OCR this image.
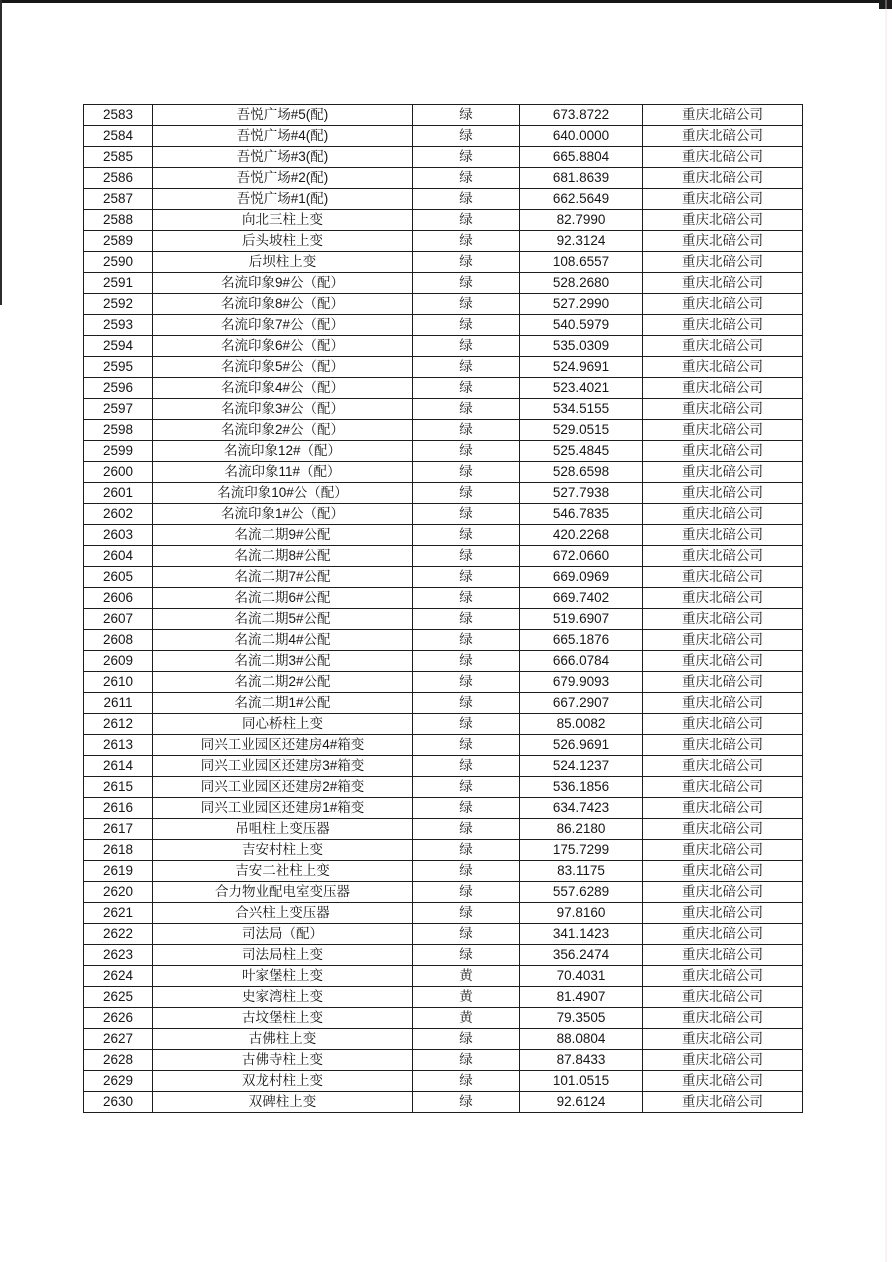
2583	吾悦广场#5(配)	绿	673.8722	重庆北碚公司
2584	吾悦广场#4(配)	绿	640.0000	重庆北碚公司
2585	吾悦广场#3(配)	绿	665.8804	重庆北碚公司
2586	吾悦广场#2(配)	绿	681.8639	重庆北碚公司
2587	吾悦广场#1(配)	绿	662.5649	重庆北碚公司
2588	向北三柱上变	绿	82.7990	重庆北碚公司
2589	后头坡柱上变	绿	92.3124	重庆北碚公司
2590	后坝柱上变	绿	108.6557	重庆北碚公司
2591	名流印象9#公（配）	绿	528.2680	重庆北碚公司
2592	名流印象8#公（配）	绿	527.2990	重庆北碚公司
2593	名流印象7#公（配）	绿	540.5979	重庆北碚公司
2594	名流印象6#公（配）	绿	535.0309	重庆北碚公司
2595	名流印象5#公（配）	绿	524.9691	重庆北碚公司
2596	名流印象4#公（配）	绿	523.4021	重庆北碚公司
2597	名流印象3#公（配）	绿	534.5155	重庆北碚公司
2598	名流印象2#公（配）	绿	529.0515	重庆北碚公司
2599	名流印象12#（配）	绿	525.4845	重庆北碚公司
2600	名流印象11#（配）	绿	528.6598	重庆北碚公司
2601	名流印象10#公（配）	绿	527.7938	重庆北碚公司
2602	名流印象1#公（配）	绿	546.7835	重庆北碚公司
2603	名流二期9#公配	绿	420.2268	重庆北碚公司
2604	名流二期8#公配	绿	672.0660	重庆北碚公司
2605	名流二期7#公配	绿	669.0969	重庆北碚公司
2606	名流二期6#公配	绿	669.7402	重庆北碚公司
2607	名流二期5#公配	绿	519.6907	重庆北碚公司
2608	名流二期4#公配	绿	665.1876	重庆北碚公司
2609	名流二期3#公配	绿	666.0784	重庆北碚公司
2610	名流二期2#公配	绿	679.9093	重庆北碚公司
2611	名流二期1#公配	绿	667.2907	重庆北碚公司
2612	同心桥柱上变	绿	85.0082	重庆北碚公司
2613	同兴工业园区还建房4#箱变	绿	526.9691	重庆北碚公司
2614	同兴工业园区还建房3#箱变	绿	524.1237	重庆北碚公司
2615	同兴工业园区还建房2#箱变	绿	536.1856	重庆北碚公司
2616	同兴工业园区还建房1#箱变	绿	634.7423	重庆北碚公司
2617	吊咀柱上变压器	绿	86.2180	重庆北碚公司
2618	吉安村柱上变	绿	175.7299	重庆北碚公司
2619	吉安二社柱上变	绿	83.1175	重庆北碚公司
2620	合力物业配电室变压器	绿	557.6289	重庆北碚公司
2621	合兴柱上变压器	绿	97.8160	重庆北碚公司
2622	司法局（配）	绿	341.1423	重庆北碚公司
2623	司法局柱上变	绿	356.2474	重庆北碚公司
2624	叶家堡柱上变	黄	70.4031	重庆北碚公司
2625	史家湾柱上变	黄	81.4907	重庆北碚公司
2626	古坟堡柱上变	黄	79.3505	重庆北碚公司
2627	古佛柱上变	绿	88.0804	重庆北碚公司
2628	古佛寺柱上变	绿	87.8433	重庆北碚公司
2629	双龙村柱上变	绿	101.0515	重庆北碚公司
2630	双碑柱上变	绿	92.6124	重庆北碚公司
